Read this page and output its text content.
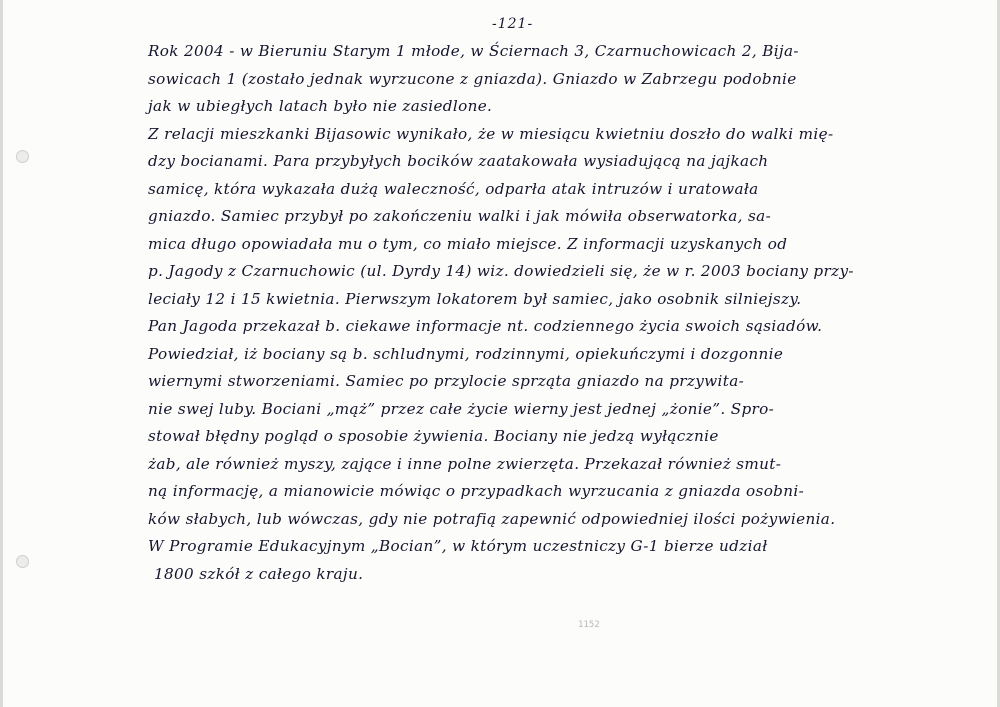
-121-
Rok 2004 - w Bieruniu Starym 1 młode, w Ściernach 3, Czarnuchowicach 2, Bija-
sowicach 1 (zostało jednak wyrzucone z gniazda). Gniazdo w Zabrzegu podobnie
jak w ubiegłych latach było nie zasiedlone.
Z relacji mieszkanki Bijasowic wynikało, że w miesiącu kwietniu doszło do walki mię-
dzy bocianami. Para przybyłych bocików zaatakowała wysiadującą na jajkach
samicę, która wykazała dużą waleczność, odparła atak intruzów i uratowała
gniazdo. Samiec przybył po zakończeniu walki i jak mówiła obserwatorka, sa-
mica długo opowiadała mu o tym, co miało miejsce. Z informacji uzyskanych od
p. Jagody z Czarnuchowic (ul. Dyrdy 14) wiz. dowiedzieli się, że w r. 2003 bociany przy-
leciały 12 i 15 kwietnia. Pierwszym lokatorem był samiec, jako osobnik silniejszy.
Pan Jagoda przekazał b. ciekawe informacje nt. codziennego życia swoich sąsiadów.
Powiedział, iż bociany są b. schludnymi, rodzinnymi, opiekuńczymi i dozgonnie
wiernymi stworzeniami. Samiec po przylocie sprząta gniazdo na przywita-
nie swej luby. Bociani „mąż” przez całe życie wierny jest jednej „żonie”. Spro-
stował błędny pogląd o sposobie żywienia. Bociany nie jedzą wyłącznie
żab, ale również myszy, zające i inne polne zwierzęta. Przekazał również smut-
ną informację, a mianowicie mówiąc o przypadkach wyrzucania z gniazda osobni-
ków słabych, lub wówczas, gdy nie potrafią zapewnić odpowiedniej ilości pożywienia.
W Programie Edukacyjnym „Bocian”, w którym uczestniczy G-1 bierze udział
1800 szkół z całego kraju.
1152
